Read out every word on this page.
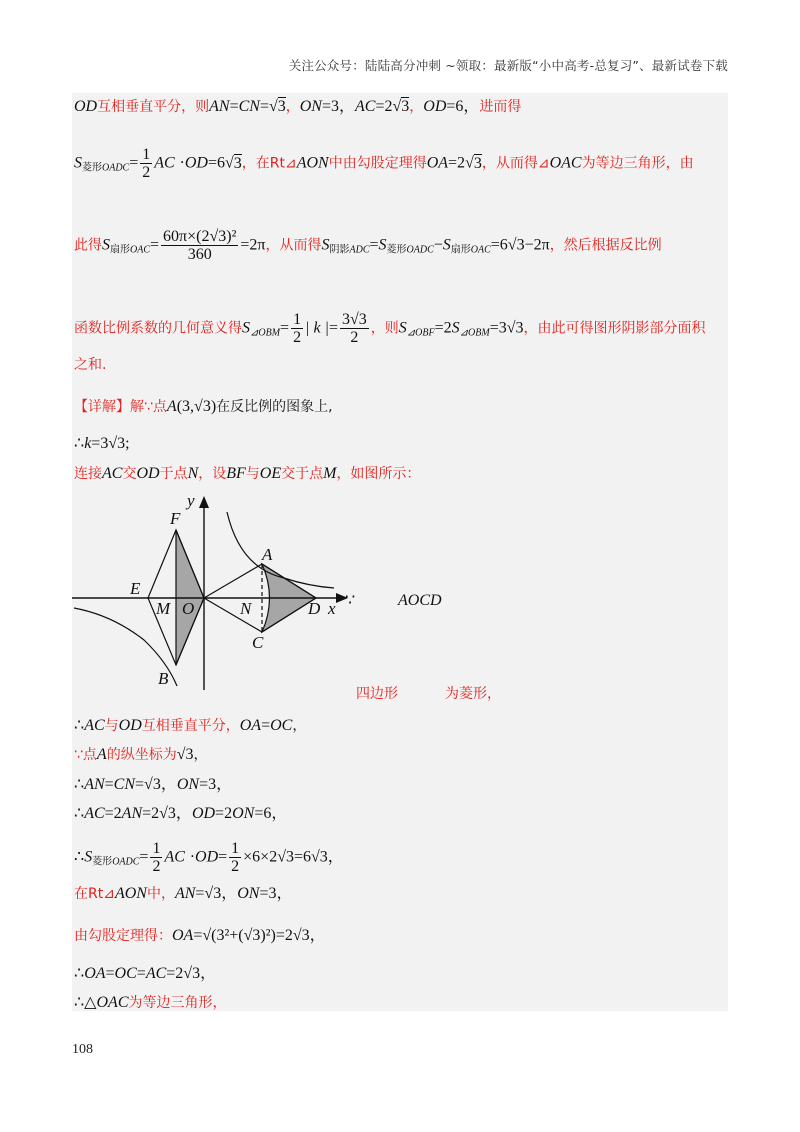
关注公众号：陆陆高分冲刺 ~领取：最新版“小中高考-总复习”、最新试卷下载
OD互相垂直平分，则AN=CN=√3，ON=3，AC=2√3，OD=6，进而得
$S_{菱形OADC}= \frac{1}{2}$ AC ·OD=6√3，在Rt⊿AON中由勾股定理得OA=2√3，从而得⊿OAC为等边三角形，由
此得$S_{扇形OAC}= \frac{\text{60π×(2√3)²}}{360} =2\pi$，从而得$S_{阴影ADC}=S_{菱形OADC}-S_{扇形OAC}=6√3-2\pi$，然后根据反比例
函数比例系数的几何意义得$S_{⊿OBM}= \frac{1}{2}$ | k |= $\frac{3√3}{2}$ ，则$S_{⊿OBF}=2S_{⊿OBM}=3√3$，由此可得图形阴影部分面积
之和.
【详解】解∵点A(3,√3)在反比例的图象上,
∴k=3√3;
连接AC交OD于点N，设BF与OE交于点M，如图所示：
y
F
A
E
M O	N	D x
C
B
∵	AOCD
四边形	为菱形，
∴AC与OD互相垂直平分，OA=OC，
∵点A的纵坐标为√3，
∴AN=CN=√3，ON=3，
∴AC=2AN=2√3，OD=2ON=6，
$\therefore S_{菱形OADC}= \frac{1}{2}$ AC $\cdot OD= \frac{1}{2} \times 6\times 2√3=6√3$，
在Rt⊿AON中，AN=√3，ON=3，
由勾股定理得：OA=√(3²+(√3)²)=2√3，
∴OA=OC=AC=2√3，
∴△OAC为等边三角形，
108
